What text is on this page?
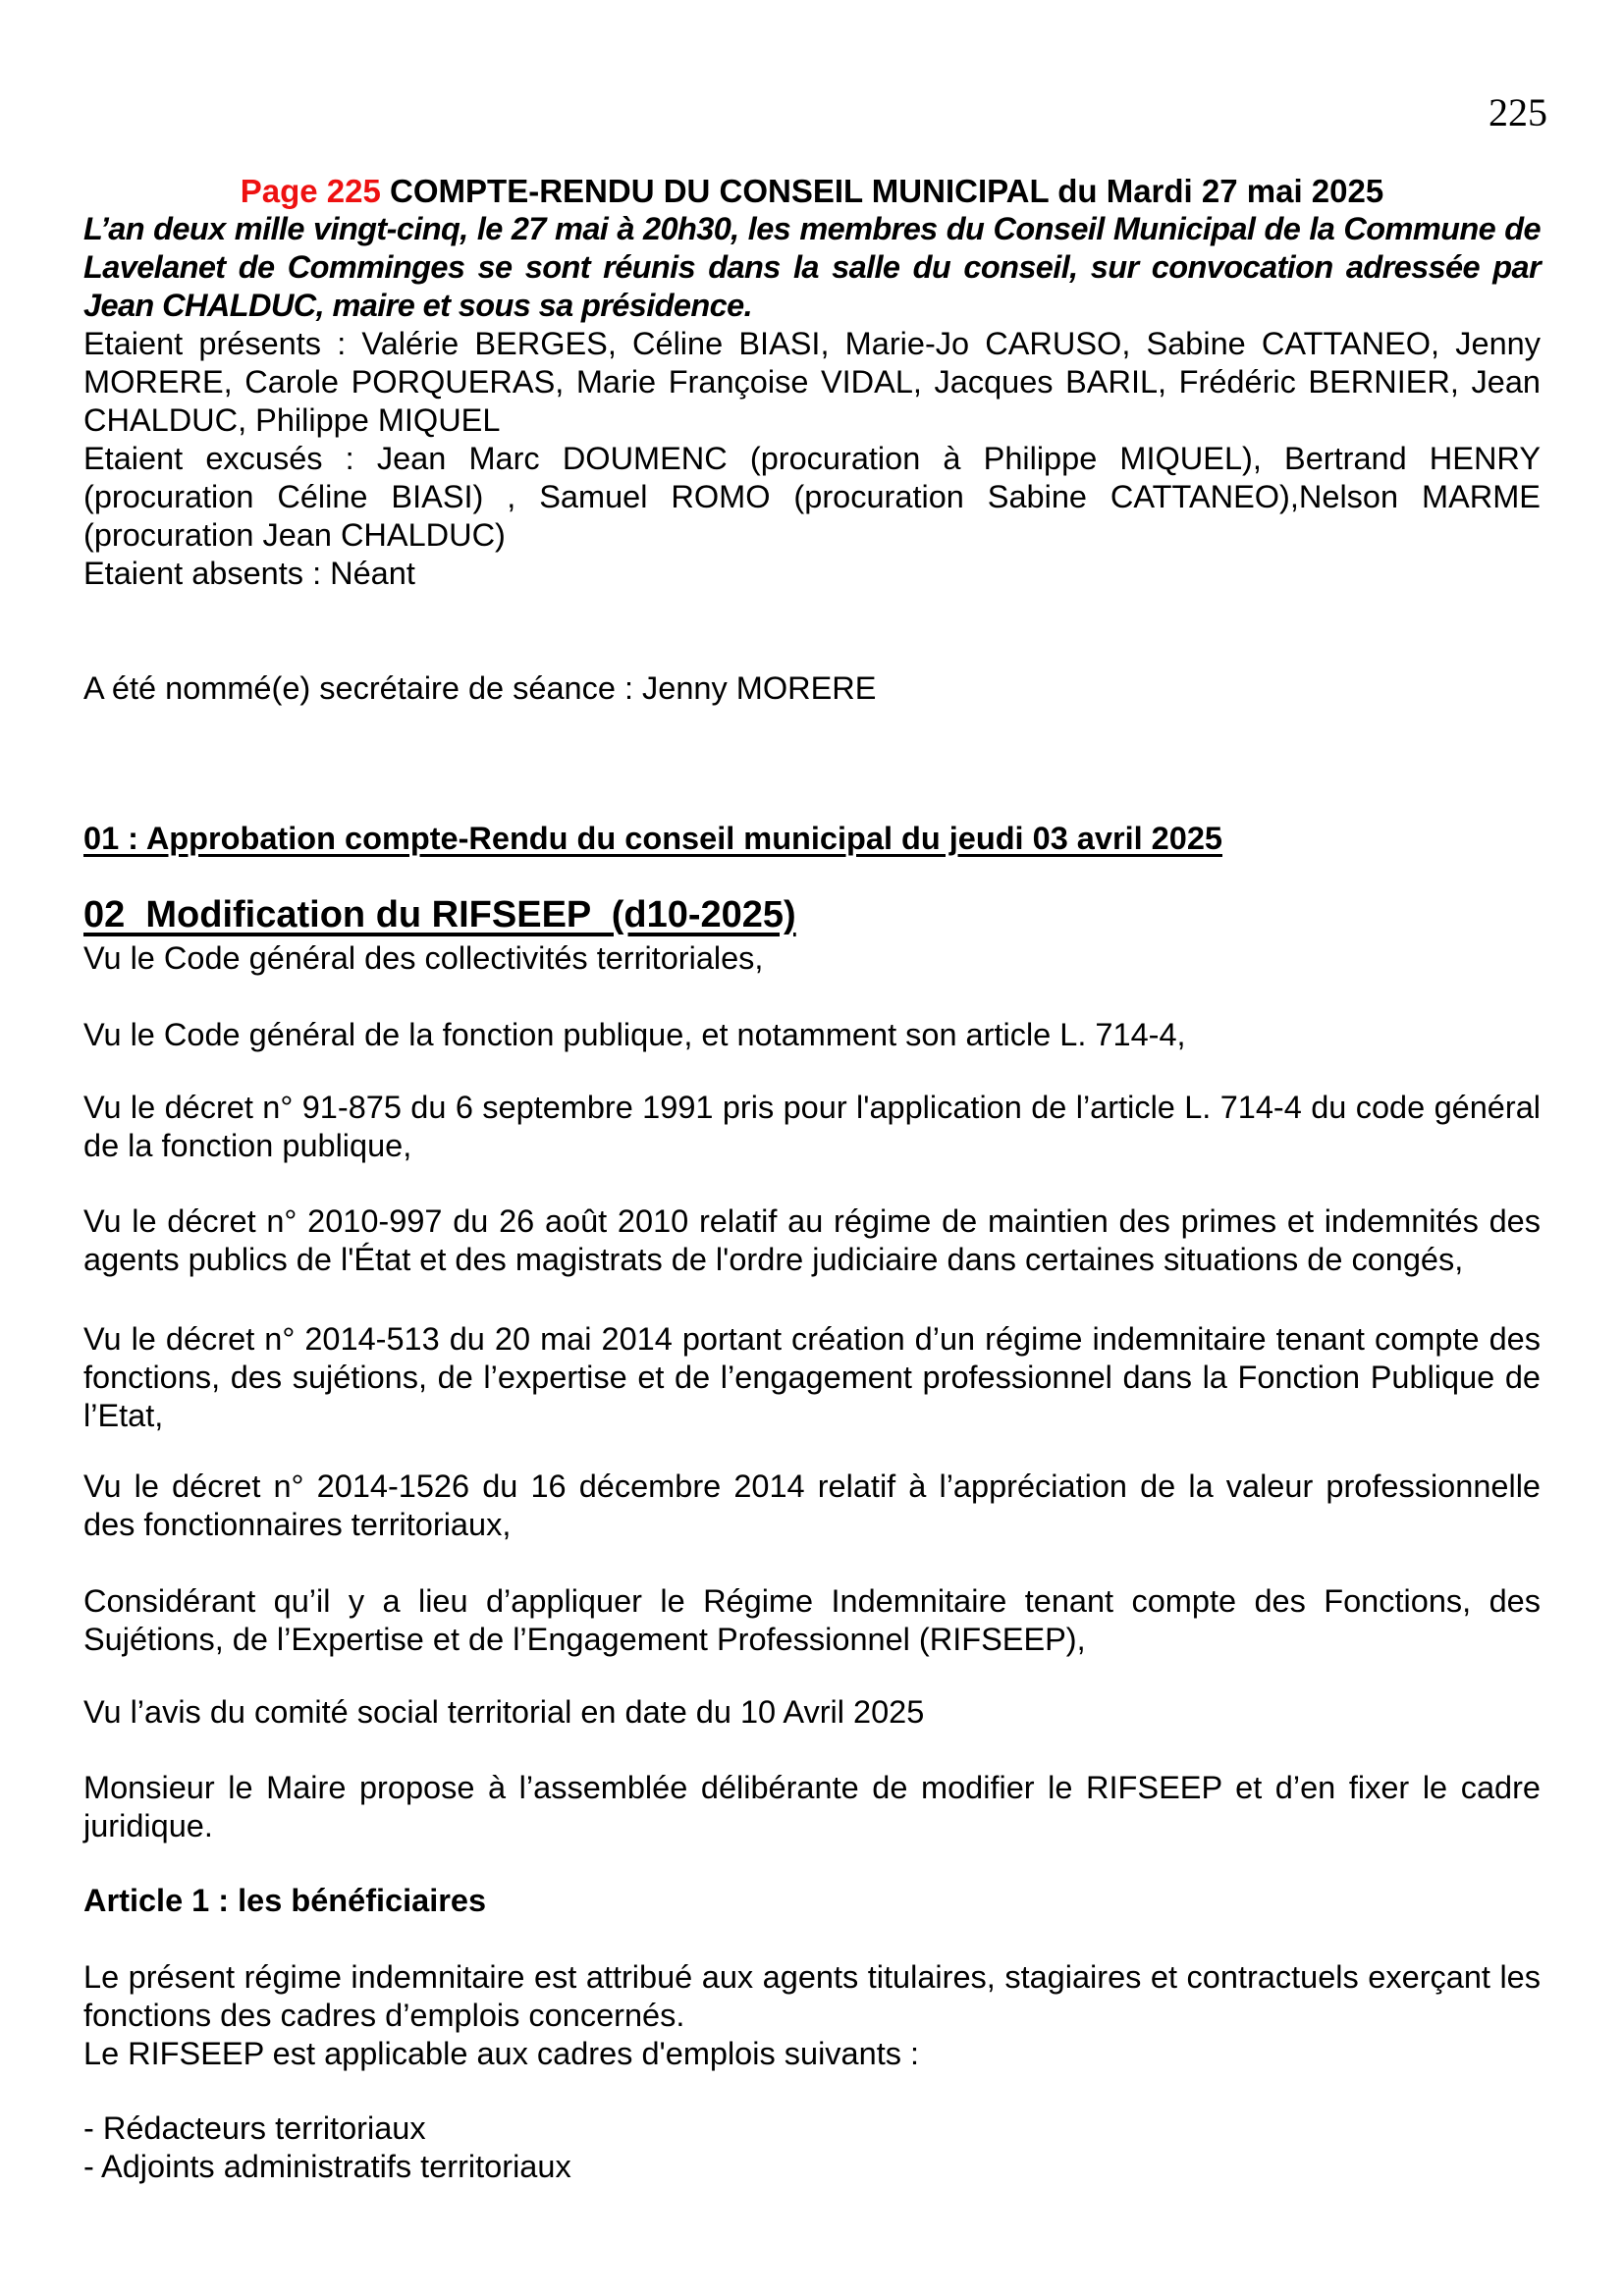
225
Page 225 COMPTE-RENDU DU CONSEIL MUNICIPAL du Mardi 27 mai 2025

L’an deux mille vingt-cinq, le 27 mai à 20h30, les membres du Conseil Municipal de la Commune de Lavelanet de Comminges se sont réunis dans la salle du conseil, sur convocation adressée par Jean CHALDUC, maire et sous sa présidence.

Etaient présents : Valérie BERGES, Céline BIASI, Marie-Jo CARUSO, Sabine CATTANEO, Jenny MORERE, Carole PORQUERAS, Marie Françoise VIDAL, Jacques BARIL, Frédéric BERNIER, Jean CHALDUC, Philippe MIQUEL

Etaient excusés : Jean Marc DOUMENC (procuration à Philippe MIQUEL), Bertrand HENRY (procuration Céline BIASI) , Samuel ROMO (procuration Sabine CATTANEO),Nelson MARME (procuration Jean CHALDUC)

Etaient absents : Néant

A été nommé(e) secrétaire de séance : Jenny MORERE

01 : Approbation compte-Rendu du conseil municipal du jeudi 03 avril 2025
02  Modification du RIFSEEP  (d10-2025)

Vu le Code général des collectivités territoriales,

Vu le Code général de la fonction publique, et notamment son article L. 714-4,

Vu le décret n° 91-875 du 6 septembre 1991 pris pour l'application de l’article L. 714-4 du code général de la fonction publique,

Vu le décret n° 2010-997 du 26 août 2010 relatif au régime de maintien des primes et indemnités des agents publics de l'État et des magistrats de l'ordre judiciaire dans certaines situations de congés,

Vu le décret n° 2014-513 du 20 mai 2014 portant création d’un régime indemnitaire tenant compte des fonctions, des sujétions, de l’expertise et de l’engagement professionnel dans la Fonction Publique de l’Etat,

Vu le décret n° 2014-1526 du 16 décembre 2014 relatif à l’appréciation de la valeur professionnelle des fonctionnaires territoriaux,

Considérant qu’il y a lieu d’appliquer le Régime Indemnitaire tenant compte des Fonctions, des Sujétions, de l’Expertise et de l’Engagement Professionnel (RIFSEEP),

Vu l’avis du comité social territorial en date du 10 Avril 2025

Monsieur le Maire propose à l’assemblée délibérante de modifier le RIFSEEP et d’en fixer le cadre juridique.

Article 1 : les bénéficiaires

Le présent régime indemnitaire est attribué aux agents titulaires, stagiaires et contractuels exerçant les fonctions des cadres d’emplois concernés.

Le RIFSEEP est applicable aux cadres d'emplois suivants :

- Rédacteurs territoriaux

- Adjoints administratifs territoriaux
